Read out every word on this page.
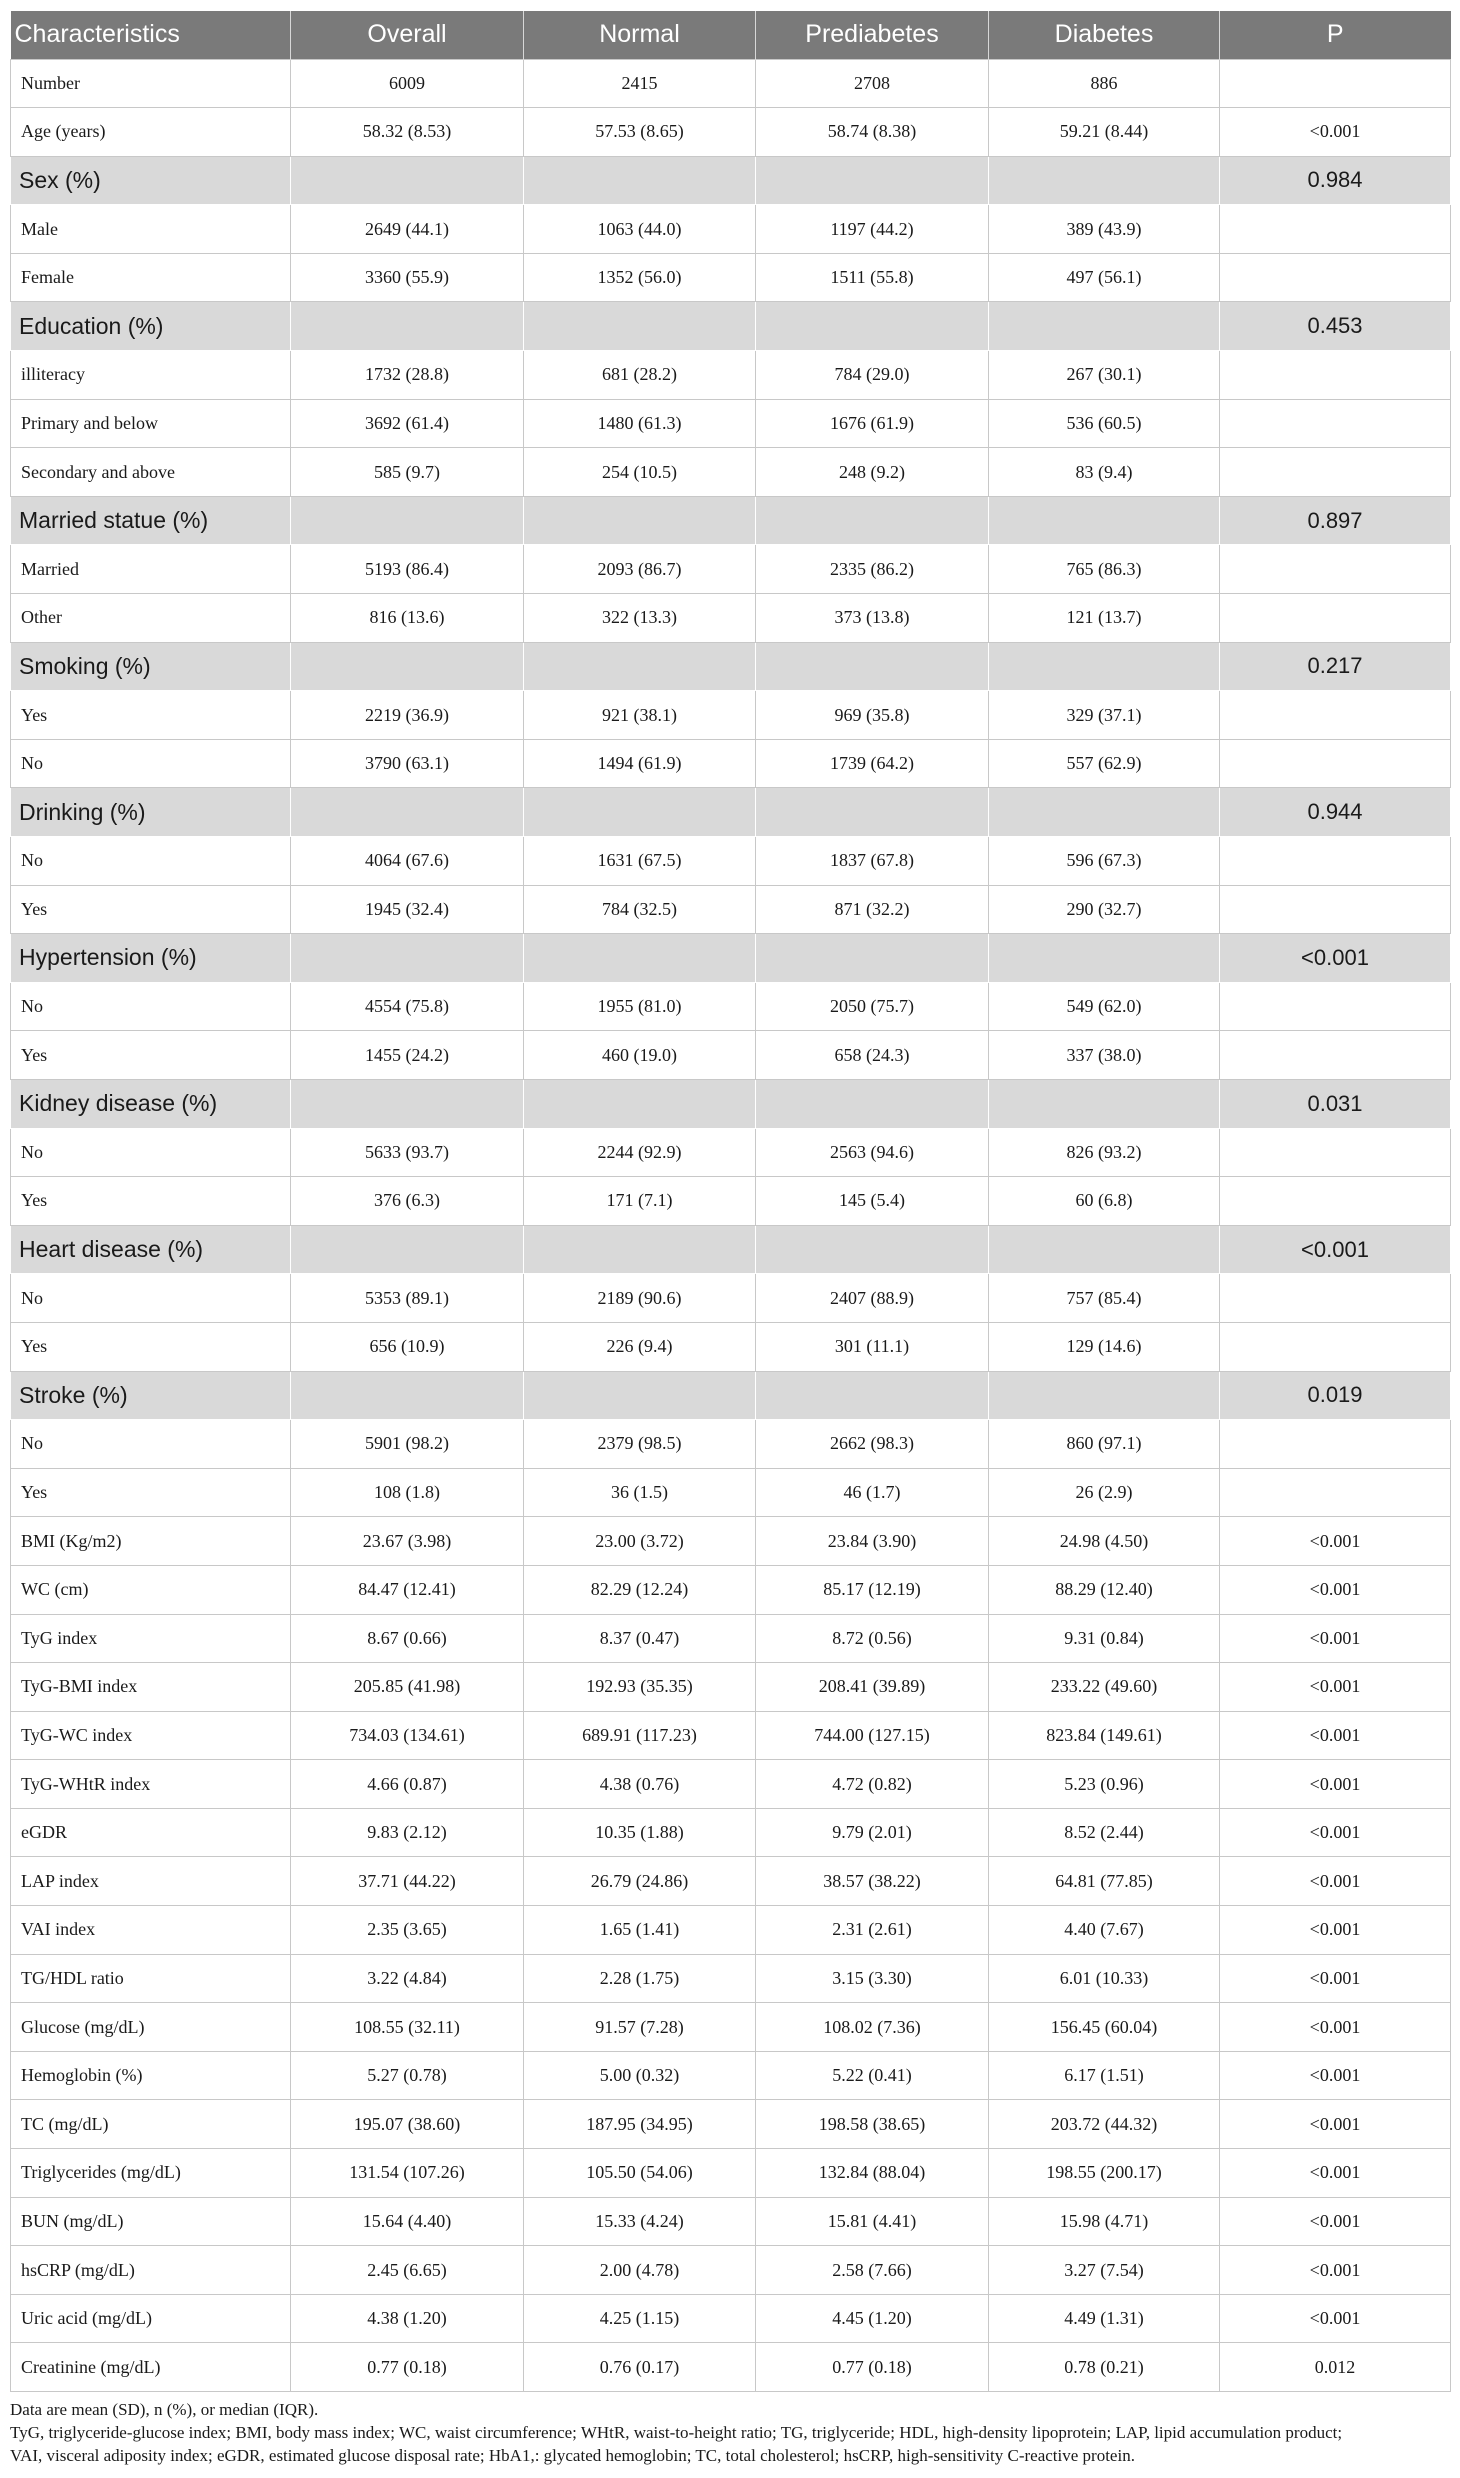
Characteristics	Overall	Normal	Prediabetes	Diabetes	P
Number	6009	2415	2708	886	
Age (years)	58.32 (8.53)	57.53 (8.65)	58.74 (8.38)	59.21 (8.44)	<0.001
Sex (%)					0.984
Male	2649 (44.1)	1063 (44.0)	1197 (44.2)	389 (43.9)	
Female	3360 (55.9)	1352 (56.0)	1511 (55.8)	497 (56.1)	
Education (%)					0.453
illiteracy	1732 (28.8)	681 (28.2)	784 (29.0)	267 (30.1)	
Primary and below	3692 (61.4)	1480 (61.3)	1676 (61.9)	536 (60.5)	
Secondary and above	585 (9.7)	254 (10.5)	248 (9.2)	83 (9.4)	
Married statue (%)					0.897
Married	5193 (86.4)	2093 (86.7)	2335 (86.2)	765 (86.3)	
Other	816 (13.6)	322 (13.3)	373 (13.8)	121 (13.7)	
Smoking (%)					0.217
Yes	2219 (36.9)	921 (38.1)	969 (35.8)	329 (37.1)	
No	3790 (63.1)	1494 (61.9)	1739 (64.2)	557 (62.9)	
Drinking (%)					0.944
No	4064 (67.6)	1631 (67.5)	1837 (67.8)	596 (67.3)	
Yes	1945 (32.4)	784 (32.5)	871 (32.2)	290 (32.7)	
Hypertension (%)					<0.001
No	4554 (75.8)	1955 (81.0)	2050 (75.7)	549 (62.0)	
Yes	1455 (24.2)	460 (19.0)	658 (24.3)	337 (38.0)	
Kidney disease (%)					0.031
No	5633 (93.7)	2244 (92.9)	2563 (94.6)	826 (93.2)	
Yes	376 (6.3)	171 (7.1)	145 (5.4)	60 (6.8)	
Heart disease (%)					<0.001
No	5353 (89.1)	2189 (90.6)	2407 (88.9)	757 (85.4)	
Yes	656 (10.9)	226 (9.4)	301 (11.1)	129 (14.6)	
Stroke (%)					0.019
No	5901 (98.2)	2379 (98.5)	2662 (98.3)	860 (97.1)	
Yes	108 (1.8)	36 (1.5)	46 (1.7)	26 (2.9)	
BMI (Kg/m2)	23.67 (3.98)	23.00 (3.72)	23.84 (3.90)	24.98 (4.50)	<0.001
WC (cm)	84.47 (12.41)	82.29 (12.24)	85.17 (12.19)	88.29 (12.40)	<0.001
TyG index	8.67 (0.66)	8.37 (0.47)	8.72 (0.56)	9.31 (0.84)	<0.001
TyG-BMI index	205.85 (41.98)	192.93 (35.35)	208.41 (39.89)	233.22 (49.60)	<0.001
TyG-WC index	734.03 (134.61)	689.91 (117.23)	744.00 (127.15)	823.84 (149.61)	<0.001
TyG-WHtR index	4.66 (0.87)	4.38 (0.76)	4.72 (0.82)	5.23 (0.96)	<0.001
eGDR	9.83 (2.12)	10.35 (1.88)	9.79 (2.01)	8.52 (2.44)	<0.001
LAP index	37.71 (44.22)	26.79 (24.86)	38.57 (38.22)	64.81 (77.85)	<0.001
VAI index	2.35 (3.65)	1.65 (1.41)	2.31 (2.61)	4.40 (7.67)	<0.001
TG/HDL ratio	3.22 (4.84)	2.28 (1.75)	3.15 (3.30)	6.01 (10.33)	<0.001
Glucose (mg/dL)	108.55 (32.11)	91.57 (7.28)	108.02 (7.36)	156.45 (60.04)	<0.001
Hemoglobin (%)	5.27 (0.78)	5.00 (0.32)	5.22 (0.41)	6.17 (1.51)	<0.001
TC (mg/dL)	195.07 (38.60)	187.95 (34.95)	198.58 (38.65)	203.72 (44.32)	<0.001
Triglycerides (mg/dL)	131.54 (107.26)	105.50 (54.06)	132.84 (88.04)	198.55 (200.17)	<0.001
BUN (mg/dL)	15.64 (4.40)	15.33 (4.24)	15.81 (4.41)	15.98 (4.71)	<0.001
hsCRP (mg/dL)	2.45 (6.65)	2.00 (4.78)	2.58 (7.66)	3.27 (7.54)	<0.001
Uric acid (mg/dL)	4.38 (1.20)	4.25 (1.15)	4.45 (1.20)	4.49 (1.31)	<0.001
Creatinine (mg/dL)	0.77 (0.18)	0.76 (0.17)	0.77 (0.18)	0.78 (0.21)	0.012

Data are mean (SD), n (%), or median (IQR).

TyG, triglyceride-glucose index; BMI, body mass index; WC, waist circumference; WHtR, waist-to-height ratio; TG, triglyceride; HDL, high-density lipoprotein; LAP, lipid accumulation product;

VAI, visceral adiposity index; eGDR, estimated glucose disposal rate; HbA1,: glycated hemoglobin; TC, total cholesterol; hsCRP, high-sensitivity C-reactive protein.
